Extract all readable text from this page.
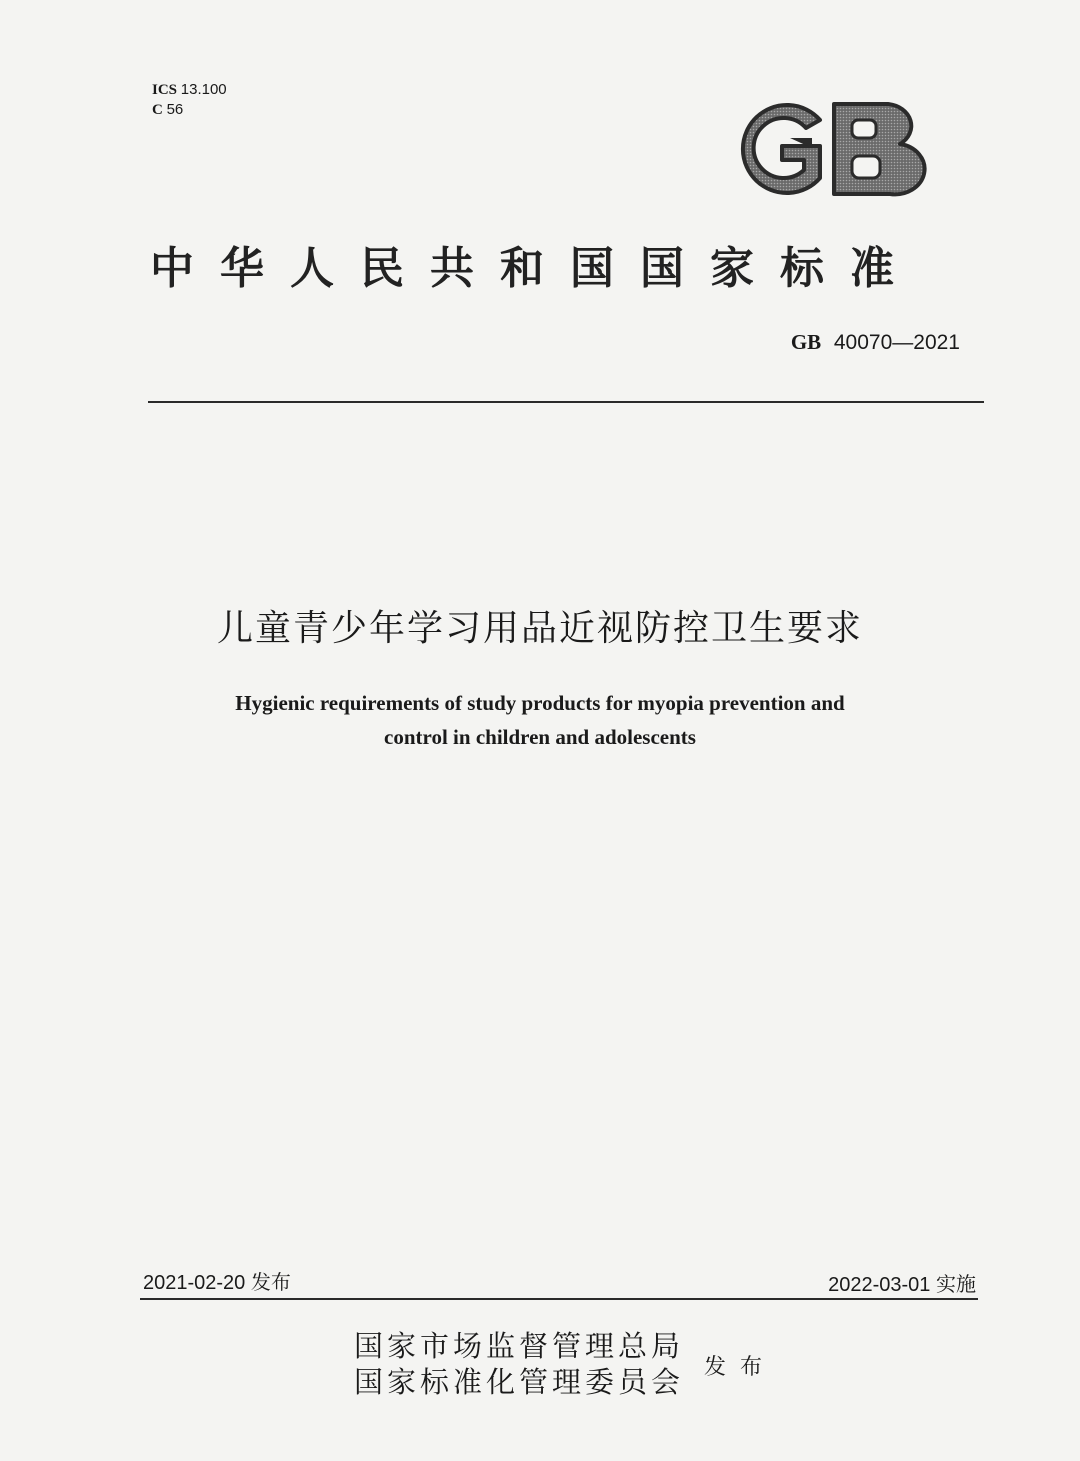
ICS 13.100
C 56
中华人民共和国国家标准
GB 40070—2021
儿童青少年学习用品近视防控卫生要求
Hygienic requirements of study products for myopia prevention and
control in children and adolescents
2021-02-20 发布	2022-03-01 实施
国家市场监督管理总局
国家标准化管理委员会 发布
